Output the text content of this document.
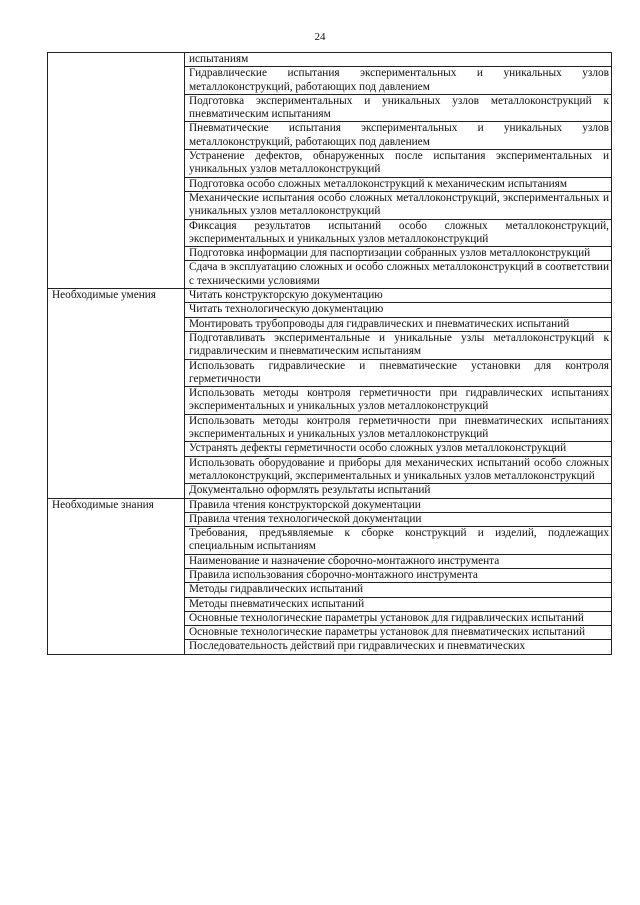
24
	испытаниям
	Гидравлические испытания экспериментальных и уникальных узлов металлоконструкций, работающих под давлением
	Подготовка экспериментальных и уникальных узлов металлоконструкций к пневматическим испытаниям
	Пневматические испытания экспериментальных и уникальных узлов металлоконструкций, работающих под давлением
	Устранение дефектов, обнаруженных после испытания экспериментальных и уникальных узлов металлоконструкций
	Подготовка особо сложных металлоконструкций к механическим испытаниям
	Механические испытания особо сложных металлоконструкций, экспериментальных и уникальных узлов металлоконструкций
	Фиксация результатов испытаний особо сложных металлоконструкций, экспериментальных и уникальных узлов металлоконструкций
	Подготовка информации для паспортизации собранных узлов металлоконструкций
	Сдача в эксплуатацию сложных и особо сложных металлоконструкций в соответствии с техническими условиями
Необходимые умения	Читать конструкторскую документацию
	Читать технологическую документацию
	Монтировать трубопроводы для гидравлических и пневматических испытаний
	Подготавливать экспериментальные и уникальные узлы металлоконструкций к гидравлическим и пневматическим испытаниям
	Использовать гидравлические и пневматические установки для контроля герметичности
	Использовать методы контроля герметичности при гидравлических испытаниях экспериментальных и уникальных узлов металлоконструкций
	Использовать методы контроля герметичности при пневматических испытаниях экспериментальных и уникальных узлов металлоконструкций
	Устранять дефекты герметичности особо сложных узлов металлоконструкций
	Использовать оборудование и приборы для механических испытаний особо сложных металлоконструкций, экспериментальных и уникальных узлов металлоконструкций
	Документально оформлять результаты испытаний
Необходимые знания	Правила чтения конструкторской документации
	Правила чтения технологической документации
	Требования, предъявляемые к сборке конструкций и изделий, подлежащих специальным испытаниям
	Наименование и назначение сборочно-монтажного инструмента
	Правила использования сборочно-монтажного инструмента
	Методы гидравлических испытаний
	Методы пневматических испытаний
	Основные технологические параметры установок для гидравлических испытаний
	Основные технологические параметры установок для пневматических испытаний

	Последовательность действий при гидравлических и пневматических
